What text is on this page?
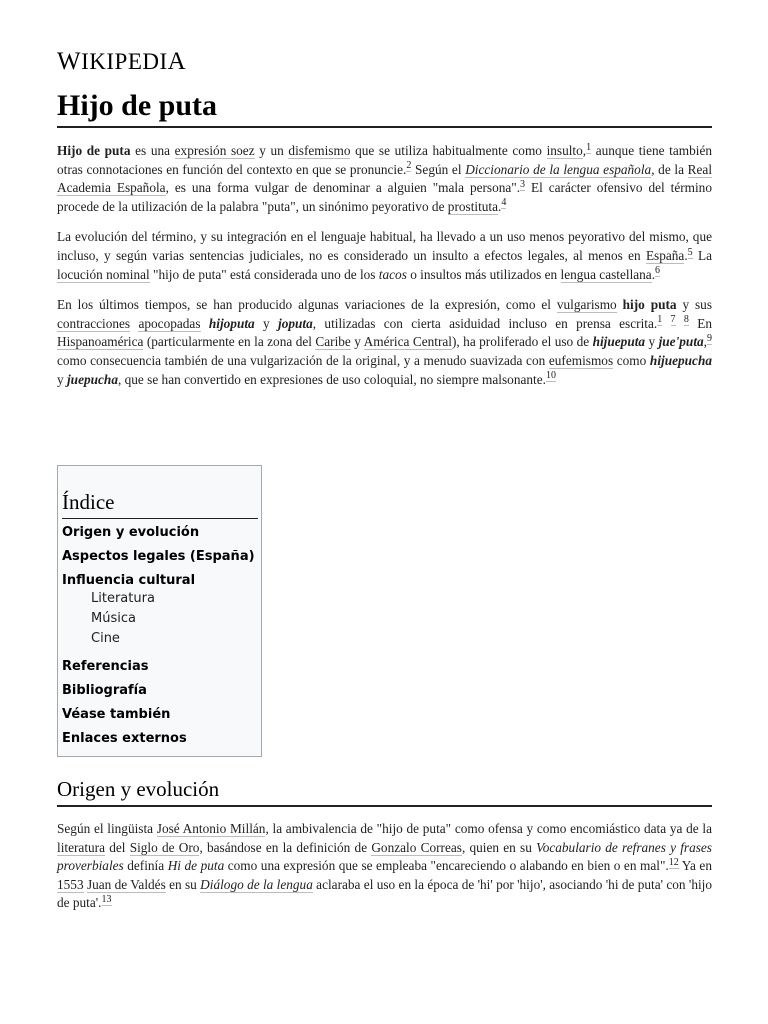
WIKIPEDIA
Hijo de puta

Hijo de puta es una expresión soez y un disfemismo que se utiliza habitualmente como insulto,$^1$ aunque tiene también otras connotaciones en función del contexto en que se pronuncie.$^2$ Según el Diccionario de la lengua española, de la Real Academia Española, es una forma vulgar de denominar a alguien "mala persona".$^3$ El carácter ofensivo del término procede de la utilización de la palabra "puta", un sinónimo peyorativo de prostituta.$^4$

La evolución del término, y su integración en el lenguaje habitual, ha llevado a un uso menos peyorativo del mismo, que incluso, y según varias sentencias judiciales, no es considerado un insulto a efectos legales, al menos en España.$^5$ La locución nominal "hijo de puta" está considerada uno de los tacos o insultos más utilizados en lengua castellana.$^6$

En los últimos tiempos, se han producido algunas variaciones de la expresión, como el vulgarismo hijo puta y sus contracciones apocopadas hijoputa y joputa, utilizadas con cierta asiduidad incluso en prensa escrita.$^1$ $^7$ $^8$ En Hispanoamérica (particularmente en la zona del Caribe y América Central), ha proliferado el uso de hijueputa y jue'puta,$^9$ como consecuencia también de una vulgarización de la original, y a menudo suavizada con eufemismos como hijuepucha y juepucha, que se han convertido en expresiones de uso coloquial, no siempre malsonante.$^{10}$

Índice
Origen y evolución
Aspectos legales (España)
Influencia cultural
Literatura
Música
Cine
Referencias
Bibliografía
Véase también
Enlaces externos
Origen y evolución

Según el lingüista José Antonio Millán, la ambivalencia de "hijo de puta" como ofensa y como encomiástico data ya de la literatura del Siglo de Oro, basándose en la definición de Gonzalo Correas, quien en su Vocabulario de refranes y frases proverbiales definía Hi de puta como una expresión que se empleaba "encareciendo o alabando en bien o en mal".$^{12}$ Ya en 1553 Juan de Valdés en su Diálogo de la lengua aclaraba el uso en la época de 'hi' por 'hijo', asociando 'hi de puta' con 'hijo de puta'.$^{13}$
